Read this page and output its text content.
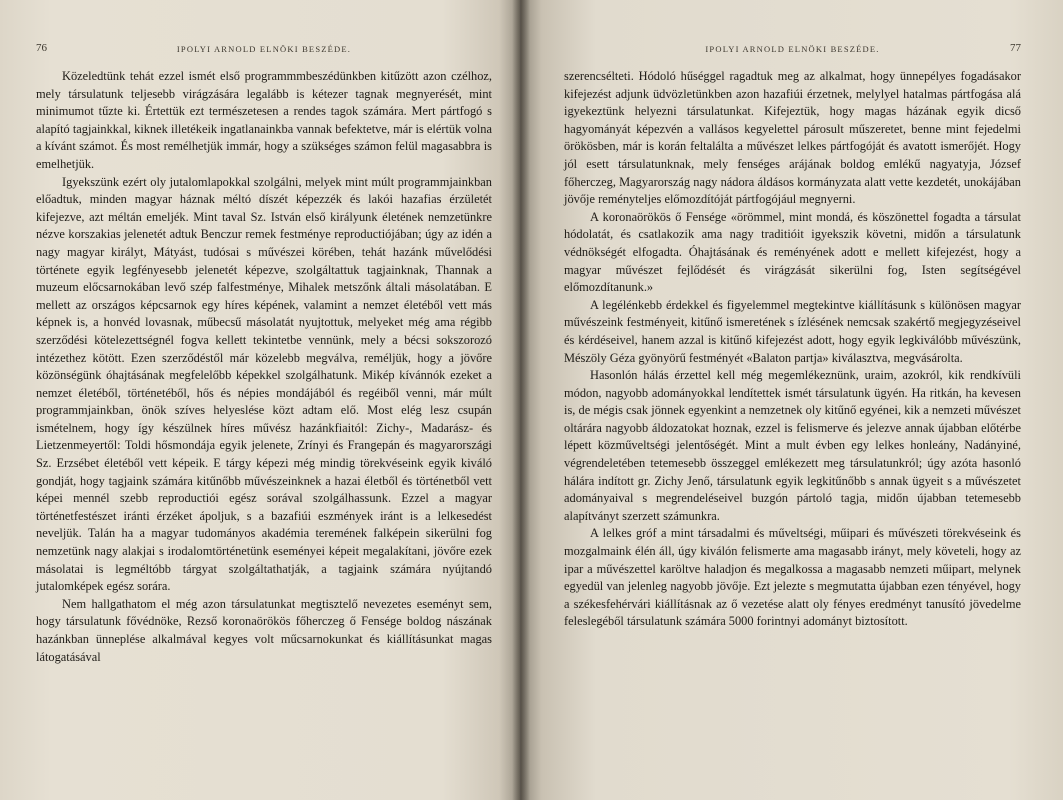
76	IPOLYI ARNOLD ELNÖKI BESZÉDE.

Közeledtünk tehát ezzel ismét első programmmbeszédünkben kitűzött azon czélhoz, mely társulatunk teljesebb virágzására legalább is kétezer tagnak megnyerését, mint minimumot tűzte ki. Értettük ezt természetesen a rendes tagok számára. Mert pártfogó s alapító tagjainkkal, kiknek illetékeik ingatlanainkba vannak befektetve, már is elértük volna a kívánt számot. És most remélhetjük immár, hogy a szükséges számon felül magasabbra is emelhetjük.

Igyekszünk ezért oly jutalomlapokkal szolgálni, melyek mint múlt programmjainkban előadtuk, minden magyar háznak méltó díszét képezzék és lakói hazafias érzületét kifejezve, azt méltán emeljék. Mint taval Sz. István első királyunk életének nemzetünkre nézve korszakias jelenetét adtuk Benczur remek festménye reproductiójában; úgy az idén a nagy magyar királyt, Mátyást, tudósai s művészei körében, tehát hazánk művelődési története egyik legfényesebb jelenetét képezve, szolgáltattuk tagjainknak, Thannak a muzeum előcsarnokában levő szép falfestménye, Mihalek metszőnk általi másolatában. E mellett az országos képcsarnok egy híres képének, valamint a nemzet életéből vett más képnek is, a honvéd lovasnak, műbecsű másolatát nyujtottuk, melyeket még ama régibb szerződési kötelezettségnél fogva kellett tekintetbe vennünk, mely a bécsi sokszorozó intézethez kötött. Ezen szerződéstől már közelebb megválva, reméljük, hogy a jövőre közönségünk óhajtásának megfelelőbb képekkel szolgálhatunk. Mikép kívánnók ezeket a nemzet életéből, történetéből, hős és népies mondájából és regéiből venni, már múlt programmjainkban, önök szíves helyeslése közt adtam elő. Most elég lesz csupán ismételnem, hogy így készülnek híres művész hazánkfiaitól: Zichy-, Madarász- és Lietzenmeyertől: Toldi hősmondája egyik jelenete, Zrínyi és Frangepán és magyarországi Sz. Erzsébet életéből vett képeik. E tárgy képezi még mindig törekvéseink egyik kiváló gondját, hogy tagjaink számára kitűnőbb művészeinknek a hazai életből és történetből vett képei mennél szebb reproductiói egész sorával szolgálhassunk. Ezzel a magyar történetfestészet iránti érzéket ápoljuk, s a bazafiúi eszmények iránt is a lelkesedést neveljük. Talán ha a magyar tudományos akadémia teremének falképein sikerülni fog nemzetünk nagy alakjai s irodalomtörténetünk eseményei képeit megalakítani, jövőre ezek másolatai is legméltóbb tárgyat szolgáltathatják, a tagjaink számára nyújtandó jutalomképek egész sorára.

Nem hallgathatom el még azon társulatunkat megtisztelő nevezetes eseményt sem, hogy társulatunk fővédnöke, Rezső koronaörökös főherczeg ő Fensége boldog nászának hazánkban ünneplése alkalmával kegyes volt műcsarnokunkat és kiállításunkat magas látogatásával

IPOLYI ARNOLD ELNÖKI BESZÉDE.	77

szerencsélteti. Hódoló hűséggel ragadtuk meg az alkalmat, hogy ünnepélyes fogadásakor kifejezést adjunk üdvözletünkben azon hazafiúi érzetnek, melylyel hatalmas pártfogása alá igyekeztünk helyezni társulatunkat. Kifejeztük, hogy magas házának egyik dicső hagyományát képezvén a vallásos kegyelettel párosult műszeretet, benne mint fejedelmi örökösben, már is korán feltalálta a művészet lelkes pártfogóját és avatott ismerőjét. Hogy jól esett társulatunknak, mely fenséges arájának boldog emlékű nagyatyja, József főherczeg, Magyarország nagy nádora áldásos kormányzata alatt vette kezdetét, unokájában jövője reményteljes előmozdítóját pártfogójául megnyerni.

A koronaörökös ő Fensége «örömmel, mint mondá, és köszönettel fogadta a társulat hódolatát, és csatlakozik ama nagy traditióit igyekszik követni, midőn a társulatunk védnökségét elfogadta. Óhajtásának és reményének adott e mellett kifejezést, hogy a magyar művészet fejlődését és virágzását sikerülni fog, Isten segítségével előmozdítanunk.»

A legélénkebb érdekkel és figyelemmel megtekintve kiállításunk s különösen magyar művészeink festményeit, kitűnő ismeretének s ízlésének nemcsak szakértő megjegyzéseivel és kérdéseivel, hanem azzal is kitűnő kifejezést adott, hogy egyik legkiválóbb művészünk, Mészöly Géza gyönyörű festményét «Balaton partja» kiválasztva, megvásárolta.

Hasonlón hálás érzettel kell még megemlékeznünk, uraim, azokról, kik rendkívüli módon, nagyobb adományokkal lendítettek ismét társulatunk ügyén. Ha ritkán, ha kevesen is, de mégis csak jönnek egyenkint a nemzetnek oly kitűnő egyénei, kik a nemzeti művészet oltárára nagyobb áldozatokat hoznak, ezzel is felismerve és jelezve annak újabban előtérbe lépett közműveltségi jelentőségét. Mint a mult évben egy lelkes honleány, Nadányiné, végrendeletében tetemesebb összeggel emlékezett meg társulatunkról; úgy azóta hasonló hálára indított gr. Zichy Jenő, társulatunk egyik legkitűnőbb s annak ügyeit s a művészetet adományaival s megrendeléseivel buzgón pártoló tagja, midőn újabban tetemesebb alapítványt szerzett számunkra.

A lelkes gróf a mint társadalmi és műveltségi, műipari és művészeti törekvéseink és mozgalmaink élén áll, úgy kiválón felismerte ama magasabb irányt, mely követeli, hogy az ipar a művészettel karöltve haladjon és megalkossa a magasabb nemzeti műipart, melynek egyedül van jelenleg nagyobb jövője. Ezt jelezte s megmutatta újabban ezen tényével, hogy a székesfehérvári kiállításnak az ő vezetése alatt oly fényes eredményt tanusító jövedelme feleslegéből társulatunk számára 5000 forintnyi adományt biztosított.
